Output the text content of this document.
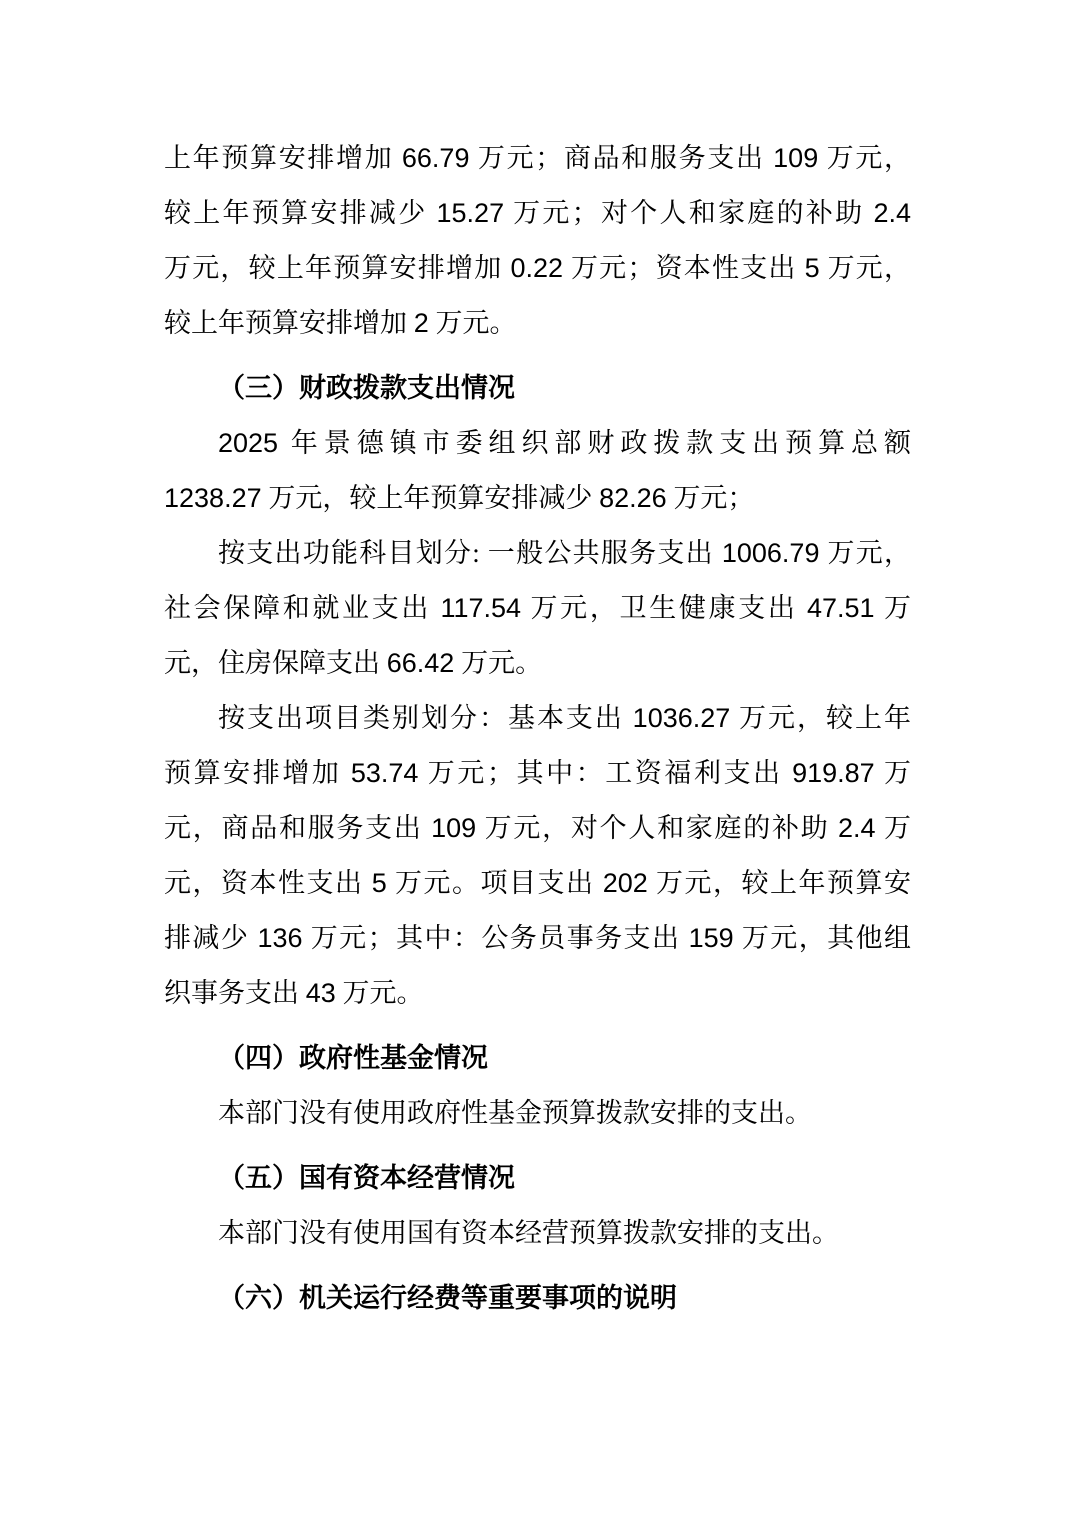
上年预算安排增加 66.79 万元；商品和服务支出 109 万元，
较上年预算安排减少 15.27 万元；对个人和家庭的补助 2.4
万元，较上年预算安排增加 0.22 万元；资本性支出 5 万元，
较上年预算安排增加 2 万元。
（三）财政拨款支出情况
2025 年景德镇市委组织部财政拨款支出预算总额
1238.27 万元，较上年预算安排减少 82.26 万元；
按支出功能科目划分: 一般公共服务支出 1006.79 万元，
社会保障和就业支出 117.54 万元，卫生健康支出 47.51 万
元，住房保障支出 66.42 万元。
按支出项目类别划分：基本支出 1036.27 万元，较上年
预算安排增加 53.74 万元；其中：工资福利支出 919.87 万
元，商品和服务支出 109 万元，对个人和家庭的补助 2.4 万
元，资本性支出 5 万元。项目支出 202 万元，较上年预算安
排减少 136 万元；其中：公务员事务支出 159 万元，其他组
织事务支出 43 万元。
（四）政府性基金情况
本部门没有使用政府性基金预算拨款安排的支出。
（五）国有资本经营情况
本部门没有使用国有资本经营预算拨款安排的支出。
（六）机关运行经费等重要事项的说明
